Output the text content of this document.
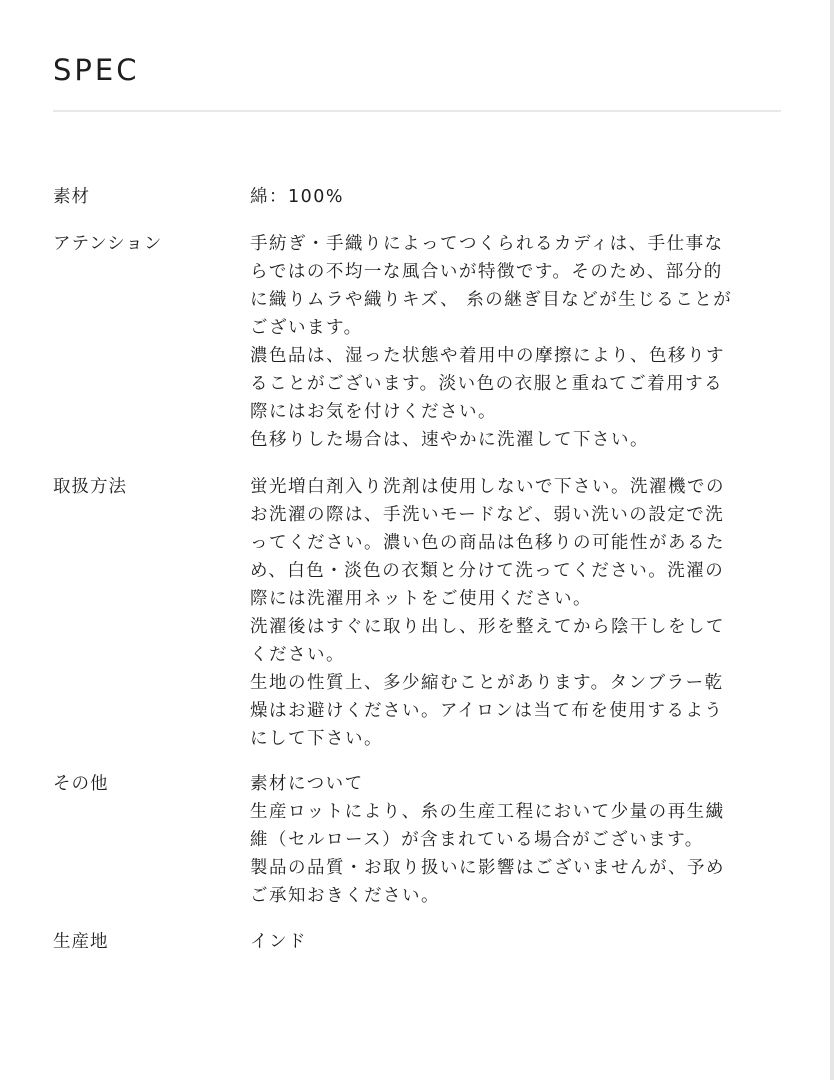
SPEC
素材	綿：100%
アテンション	手紡ぎ・手織りによってつくられるカディは、手仕事な
らではの不均一な風合いが特徴です。そのため、部分的
に織りムラや織りキズ、 糸の継ぎ目などが生じることが
ございます。
濃色品は、湿った状態や着用中の摩擦により、色移りす
ることがございます。淡い色の衣服と重ねてご着用する
際にはお気を付けください。
色移りした場合は、速やかに洗濯して下さい。
取扱方法	蛍光増白剤入り洗剤は使用しないで下さい。洗濯機での
お洗濯の際は、手洗いモードなど、弱い洗いの設定で洗
ってください。濃い色の商品は色移りの可能性があるた
め、白色・淡色の衣類と分けて洗ってください。洗濯の
際には洗濯用ネットをご使用ください。
洗濯後はすぐに取り出し、形を整えてから陰干しをして
ください。
生地の性質上、多少縮むことがあります。タンブラー乾
燥はお避けください。アイロンは当て布を使用するよう
にして下さい。
その他	素材について
生産ロットにより、糸の生産工程において少量の再生繊
維（セルロース）が含まれている場合がございます。
製品の品質・お取り扱いに影響はございませんが、予め
ご承知おきください。
生産地	インド
